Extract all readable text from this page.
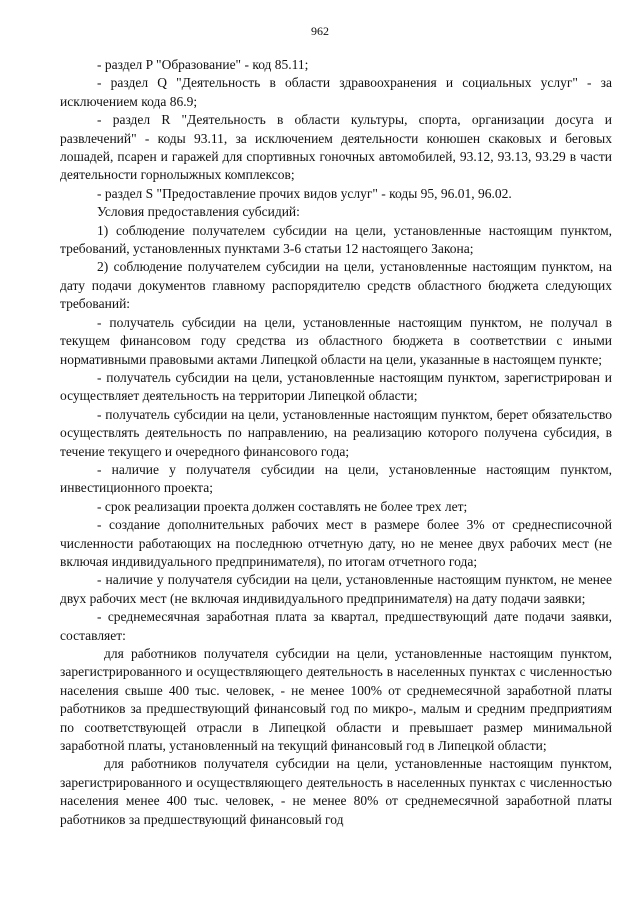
962

- раздел P "Образование" - код 85.11;

- раздел Q "Деятельность в области здравоохранения и социальных услуг" - за исключением кода 86.9;

- раздел R "Деятельность в области культуры, спорта, организации досуга и развлечений" - коды 93.11, за исключением деятельности конюшен скаковых и беговых лошадей, псарен и гаражей для спортивных гоночных автомобилей, 93.12, 93.13, 93.29 в части деятельности горнолыжных комплексов;

- раздел S "Предоставление прочих видов услуг" - коды 95, 96.01, 96.02.

Условия предоставления субсидий:

1) соблюдение получателем субсидии на цели, установленные настоящим пунктом, требований, установленных пунктами 3-6 статьи 12 настоящего Закона;

2) соблюдение получателем субсидии на цели, установленные настоящим пунктом, на дату подачи документов главному распорядителю средств областного бюджета следующих требований:

- получатель субсидии на цели, установленные настоящим пунктом, не получал в текущем финансовом году средства из областного бюджета в соответствии с иными нормативными правовыми актами Липецкой области на цели, указанные в настоящем пункте;

- получатель субсидии на цели, установленные настоящим пунктом, зарегистрирован и осуществляет деятельность на территории Липецкой области;

- получатель субсидии на цели, установленные настоящим пунктом, берет обязательство осуществлять деятельность по направлению, на реализацию которого получена субсидия, в течение текущего и очередного финансового года;

- наличие у получателя субсидии на цели, установленные настоящим пунктом, инвестиционного проекта;

- срок реализации проекта должен составлять не более трех лет;

- создание дополнительных рабочих мест в размере более 3% от среднесписочной численности работающих на последнюю отчетную дату, но не менее двух рабочих мест (не включая индивидуального предпринимателя), по итогам отчетного года;

- наличие у получателя субсидии на цели, установленные настоящим пунктом, не менее двух рабочих мест (не включая индивидуального предпринимателя) на дату подачи заявки;

- среднемесячная заработная плата за квартал, предшествующий дате подачи заявки, составляет:

для работников получателя субсидии на цели, установленные настоящим пунктом, зарегистрированного и осуществляющего деятельность в населенных пунктах с численностью населения свыше 400 тыс. человек, - не менее 100% от среднемесячной заработной платы работников за предшествующий финансовый год по микро-, малым и средним предприятиям по соответствующей отрасли в Липецкой области и превышает размер минимальной заработной платы, установленный на текущий финансовый год в Липецкой области;

для работников получателя субсидии на цели, установленные настоящим пунктом, зарегистрированного и осуществляющего деятельность в населенных пунктах с численностью населения менее 400 тыс. человек, - не менее 80% от среднемесячной заработной платы работников за предшествующий финансовый год
